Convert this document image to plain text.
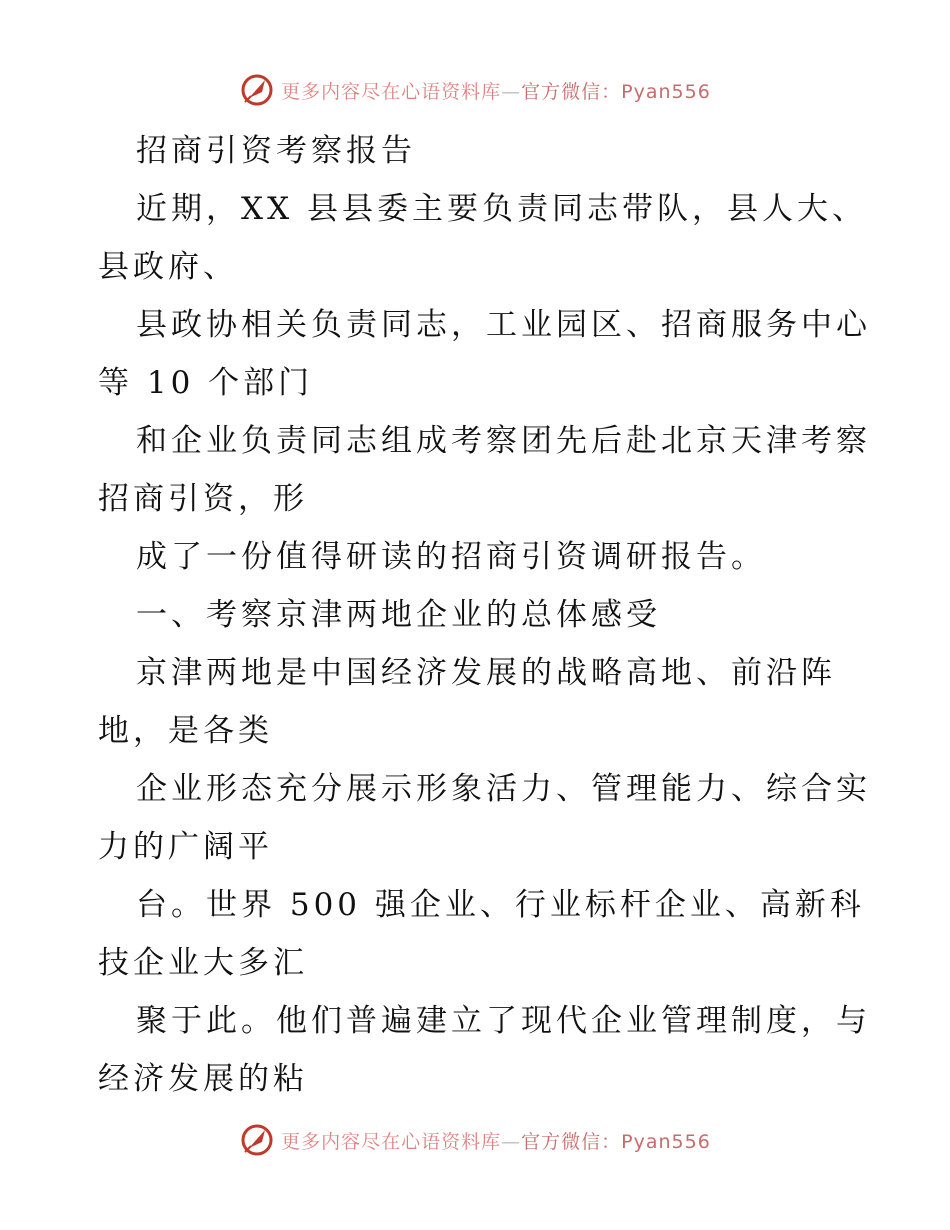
更多内容尽在心语资料库—官方微信：Pyan556
招商引资考察报告
近期，XX 县县委主要负责同志带队，县人大、
县政府、
县政协相关负责同志，工业园区、招商服务中心
等 10 个部门
和企业负责同志组成考察团先后赴北京天津考察
招商引资，形
成了一份值得研读的招商引资调研报告。
一、考察京津两地企业的总体感受
京津两地是中国经济发展的战略高地、前沿阵
地，是各类
企业形态充分展示形象活力、管理能力、综合实
力的广阔平
台。世界 500 强企业、行业标杆企业、高新科
技企业大多汇
聚于此。他们普遍建立了现代企业管理制度，与
经济发展的粘
更多内容尽在心语资料库—官方微信：Pyan556
